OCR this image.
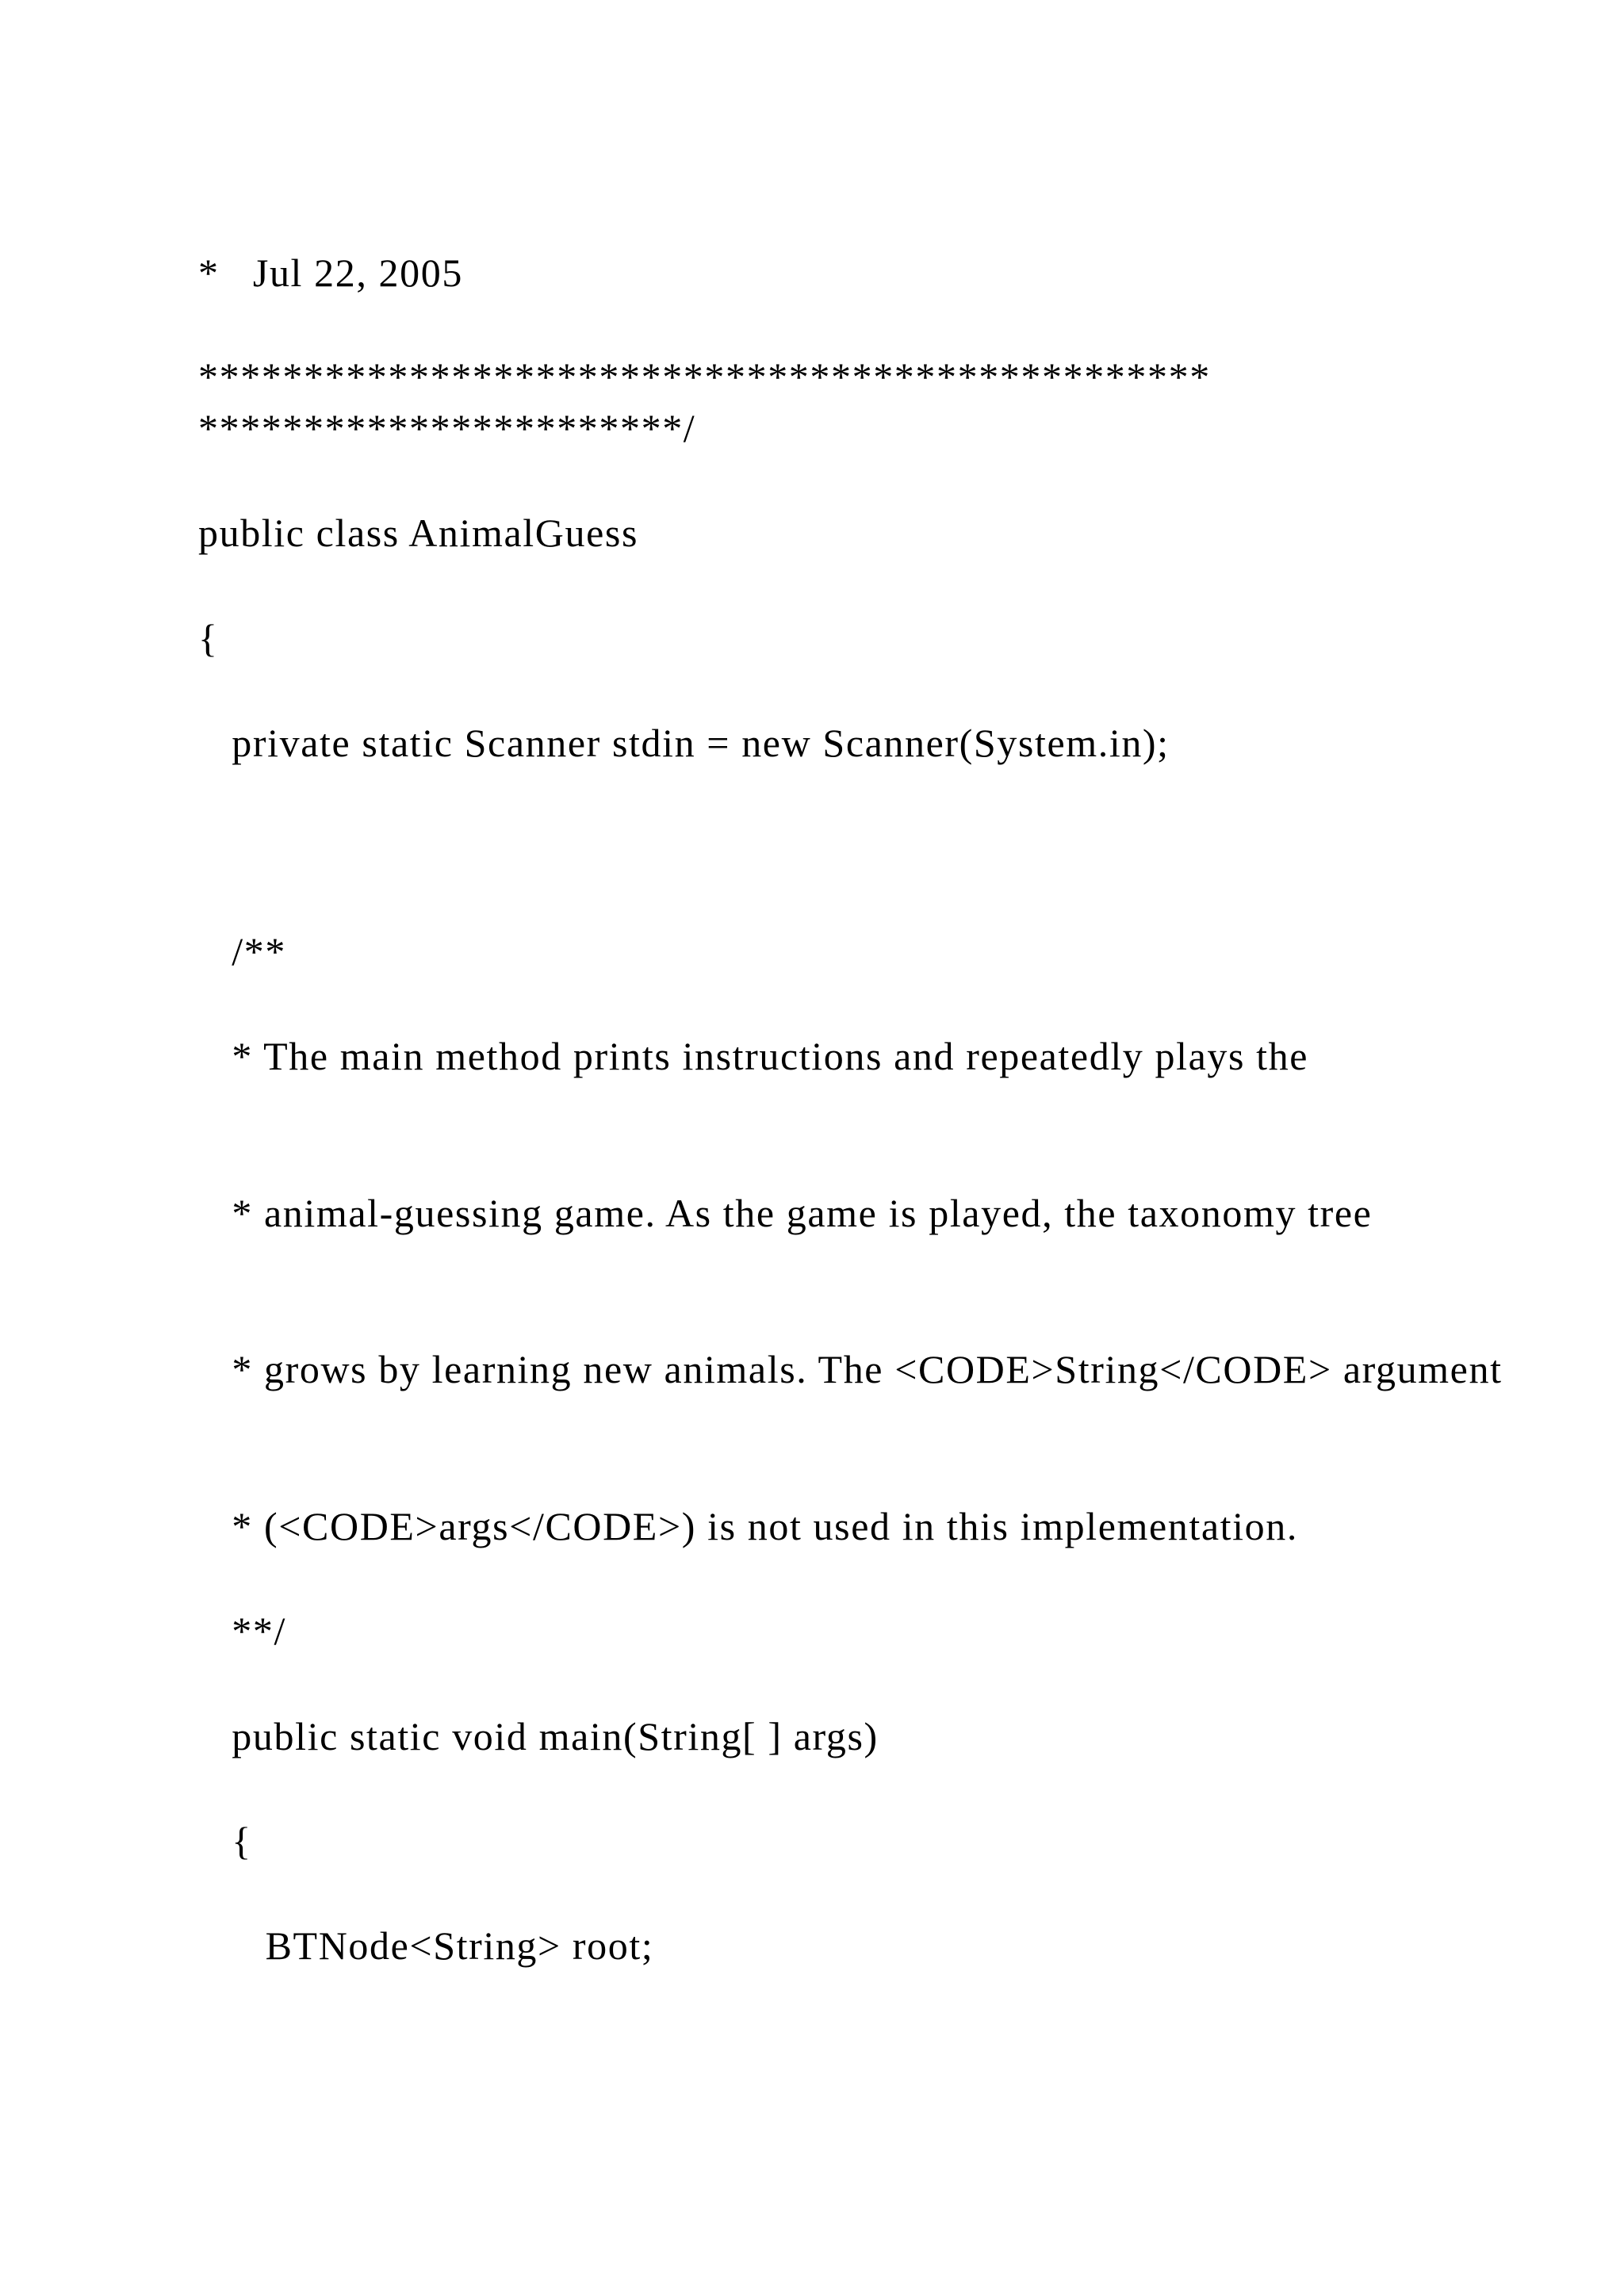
*   Jul 22, 2005
************************************************
***********************/
public class AnimalGuess
{
private static Scanner stdin = new Scanner(System.in);
/**
* The main method prints instructions and repeatedly plays the
* animal-guessing game. As the game is played, the taxonomy tree
* grows by learning new animals. The <CODE>String</CODE> argument
* (<CODE>args</CODE>) is not used in this implementation.
**/
public static void main(String[ ] args)
{
BTNode<String> root;
